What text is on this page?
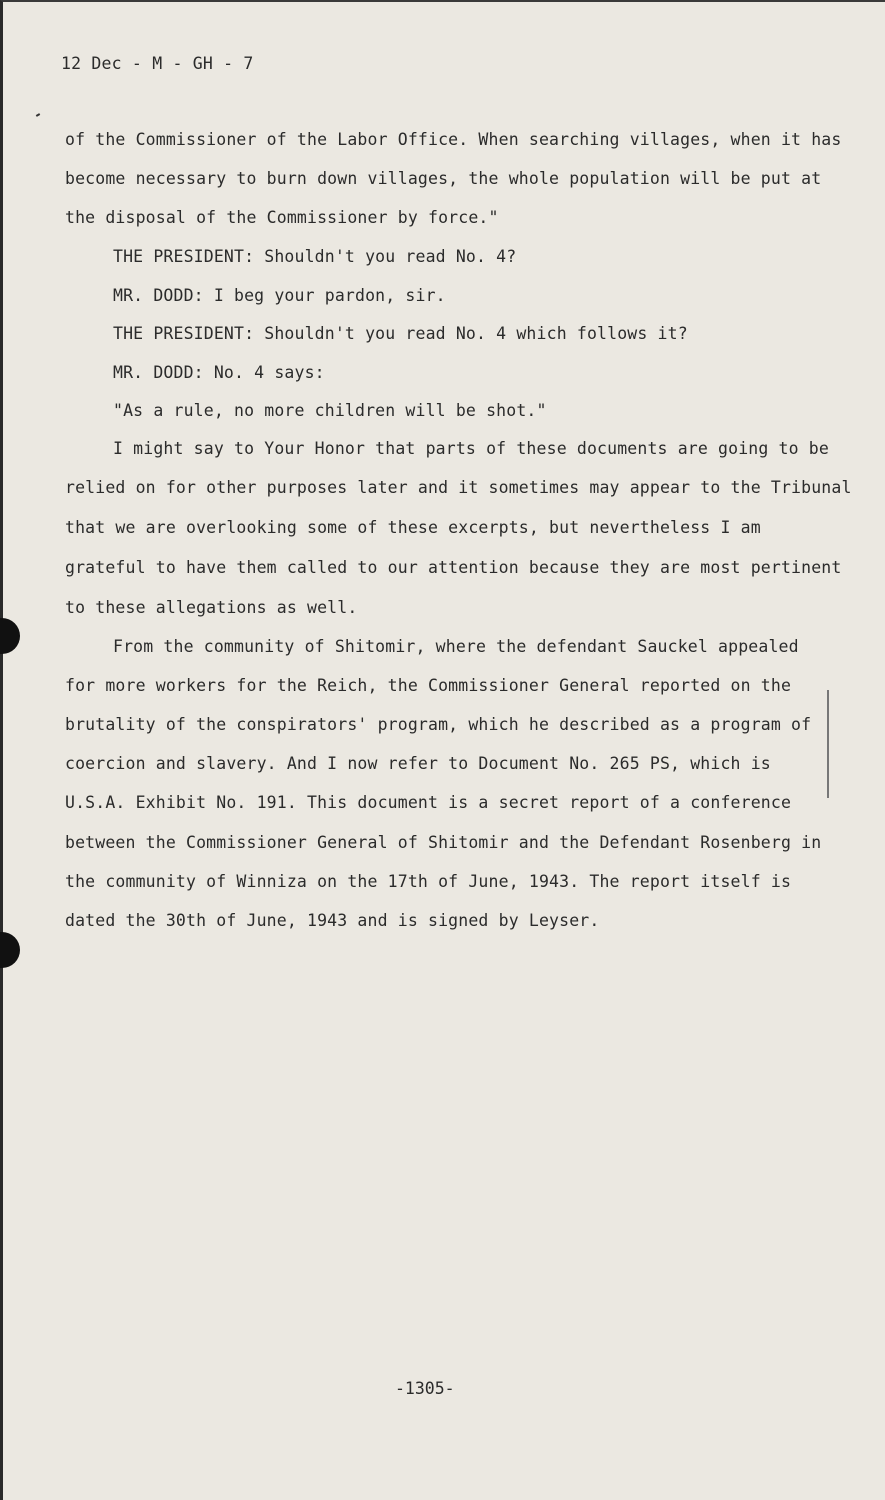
12 Dec - M - GH - 7
of the Commissioner of the Labor Office. When searching villages, when it has
become necessary to burn down villages, the whole population will be put at
the disposal of the Commissioner by force."
THE PRESIDENT: Shouldn't you read No. 4?
MR. DODD: I beg your pardon, sir.
THE PRESIDENT: Shouldn't you read No. 4 which follows it?
MR. DODD: No. 4 says:
"As a rule, no more children will be shot."
I might say to Your Honor that parts of these documents are going to be
relied on for other purposes later and it sometimes may appear to the Tribunal
that we are overlooking some of these excerpts, but nevertheless I am
grateful to have them called to our attention because they are most pertinent
to these allegations as well.
From the community of Shitomir, where the defendant Sauckel appealed
for more workers for the Reich, the Commissioner General reported on the
brutality of the conspirators' program, which he described as a program of
coercion and slavery. And I now refer to Document No. 265 PS, which is
U.S.A. Exhibit No. 191. This document is a secret report of a conference
between the Commissioner General of Shitomir and the Defendant Rosenberg in
the community of Winniza on the 17th of June, 1943. The report itself is
dated the 30th of June, 1943 and is signed by Leyser.
-1305-
